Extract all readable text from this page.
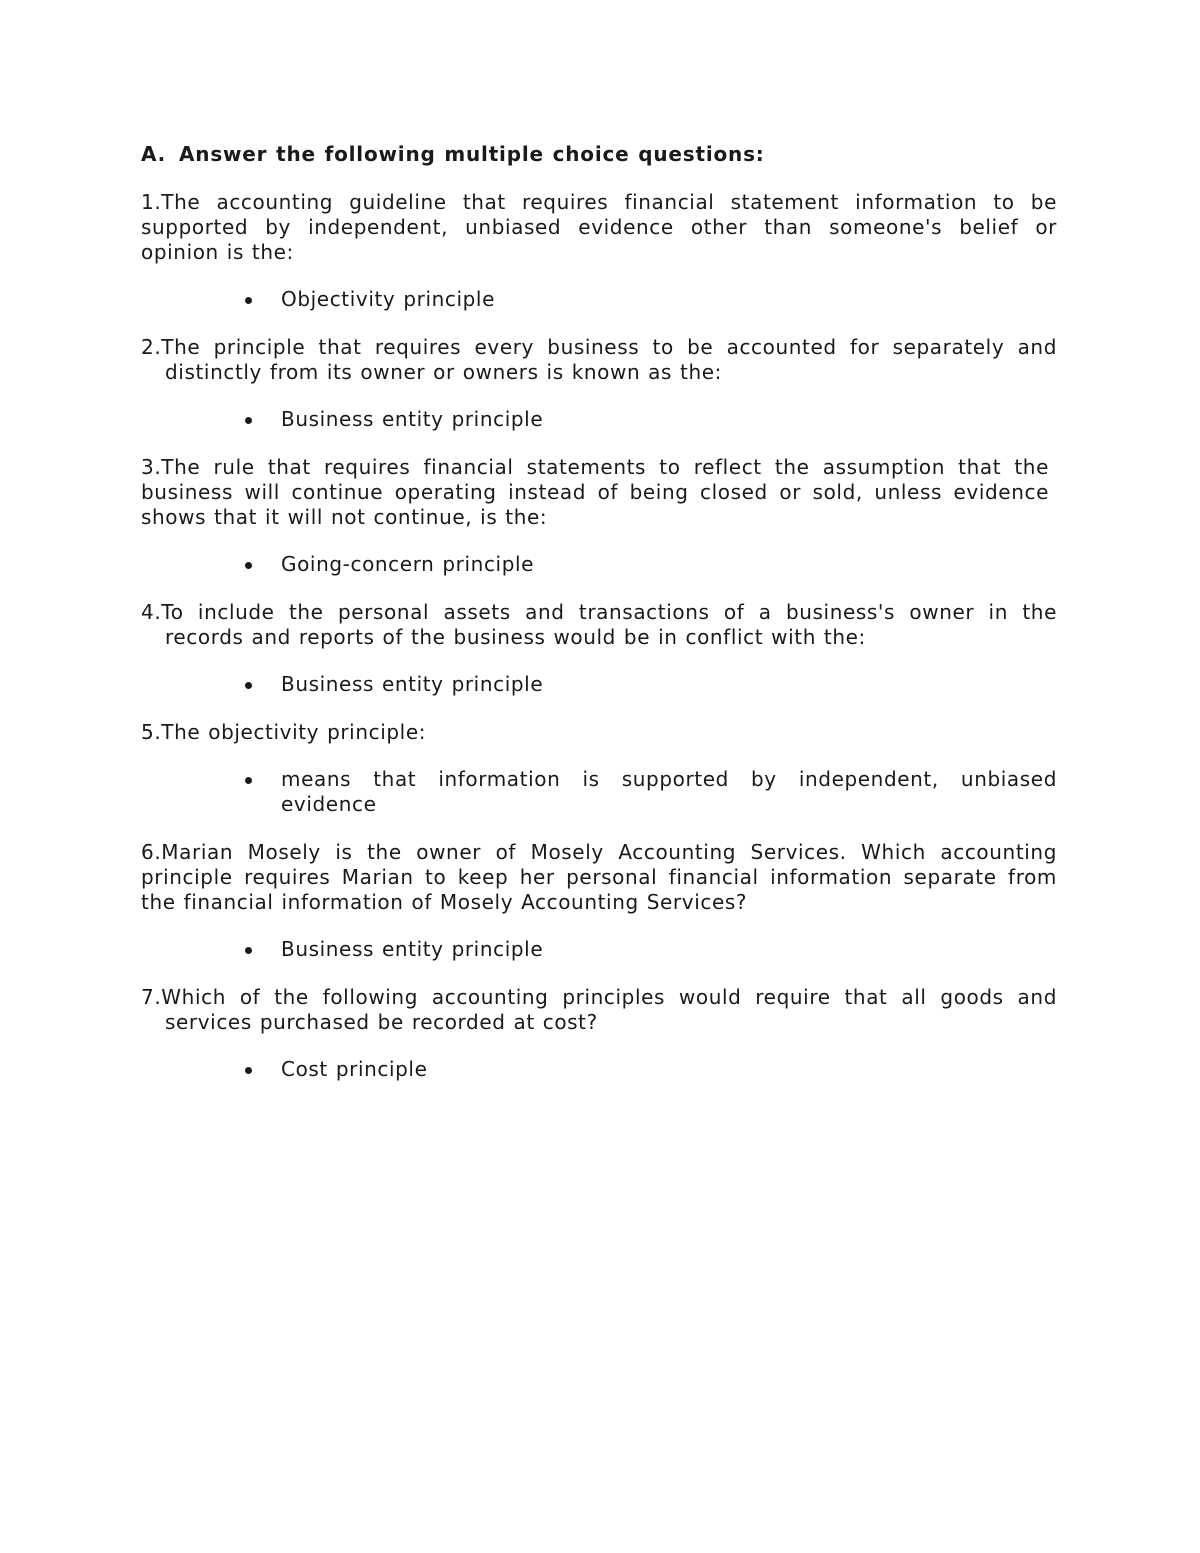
A. Answer the following multiple choice questions:

1.The accounting guideline that requires financial statement information to be supported by independent, unbiased evidence other than someone's belief or opinion is the:

Objectivity principle

2.The principle that requires every business to be accounted for separately and distinctly from its owner or owners is known as the:

Business entity principle

3.The rule that requires financial statements to reflect the assumption that the business will continue operating instead of being closed or sold, unless evidence shows that it will not continue, is the:

Going-concern principle

4.To include the personal assets and transactions of a business's owner in the records and reports of the business would be in conflict with the:

Business entity principle

5.The objectivity principle:

means that information is supported by independent, unbiased evidence

6.Marian Mosely is the owner of Mosely Accounting Services. Which accounting principle requires Marian to keep her personal financial information separate from the financial information of Mosely Accounting Services?

Business entity principle

7.Which of the following accounting principles would require that all goods and services purchased be recorded at cost?

Cost principle
